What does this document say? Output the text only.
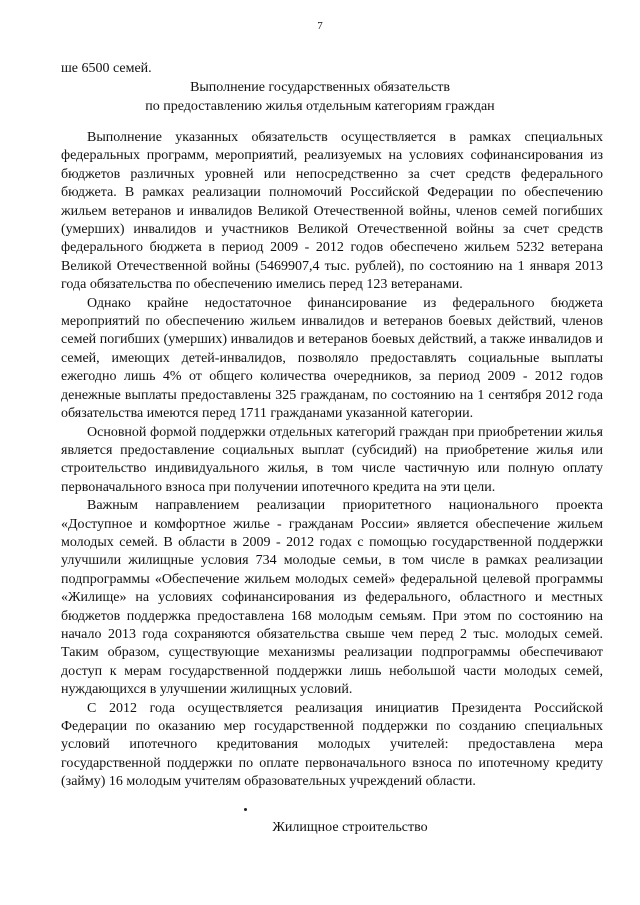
7
ше 6500 семей.
Выполнение государственных обязательств
по предоставлению жилья отдельным категориям граждан

Выполнение указанных обязательств осуществляется в рамках специальных федеральных программ, мероприятий, реализуемых на условиях софинансирования из бюджетов различных уровней или непосредственно за счет средств федерального бюджета. В рамках реализации полномочий Российской Федерации по обеспечению жильем ветеранов и инвалидов Великой Отечественной войны, членов семей погибших (умерших) инвалидов и участников Великой Отечественной войны за счет средств федерального бюджета в период 2009 - 2012 годов обеспечено жильем 5232 ветерана Великой Отечественной войны (5469907,4 тыс. рублей), по состоянию на 1 января 2013 года обязательства по обеспечению имелись перед 123 ветеранами.

Однако крайне недостаточное финансирование из федерального бюджета мероприятий по обеспечению жильем инвалидов и ветеранов боевых действий, членов семей погибших (умерших) инвалидов и ветеранов боевых действий, а также инвалидов и семей, имеющих детей-инвалидов, позволяло предоставлять социальные выплаты ежегодно лишь 4% от общего количества очередников, за период 2009 - 2012 годов денежные выплаты предоставлены 325 гражданам, по состоянию на 1 сентября 2012 года обязательства имеются перед 1711 гражданами указанной категории.

Основной формой поддержки отдельных категорий граждан при приобретении жилья является предоставление социальных выплат (субсидий) на приобретение жилья или строительство индивидуального жилья, в том числе частичную или полную оплату первоначального взноса при получении ипотечного кредита на эти цели.

Важным направлением реализации приоритетного национального проекта «Доступное и комфортное жилье - гражданам России» является обеспечение жильем молодых семей. В области в 2009 - 2012 годах с помощью государственной поддержки улучшили жилищные условия 734 молодые семьи, в том числе в рамках реализации подпрограммы «Обеспечение жильем молодых семей» федеральной целевой программы «Жилище» на условиях софинансирования из федерального, областного и местных бюджетов поддержка предоставлена 168 молодым семьям. При этом по состоянию на начало 2013 года сохраняются обязательства свыше чем перед 2 тыс. молодых семей. Таким образом, существующие механизмы реализации подпрограммы обеспечивают доступ к мерам государственной поддержки лишь небольшой части молодых семей, нуждающихся в улучшении жилищных условий.

С 2012 года осуществляется реализация инициатив Президента Российской Федерации по оказанию мер государственной поддержки по созданию специальных условий ипотечного кредитования молодых учителей: предоставлена мера государственной поддержки по оплате первоначального взноса по ипотечному кредиту (займу) 16 молодым учителям образовательных учреждений области.

Жилищное строительство
